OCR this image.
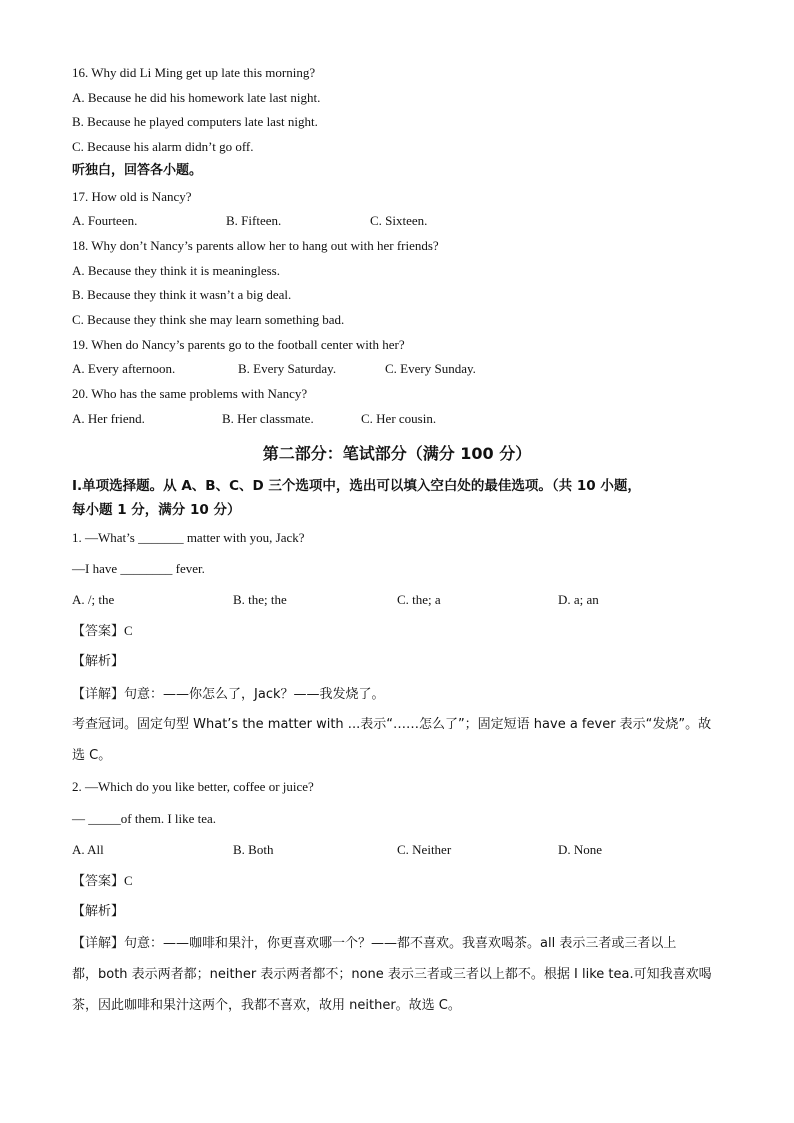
16. Why did Li Ming get up late this morning?
A. Because he did his homework late last night.
B. Because he played computers late last night.
C. Because his alarm didn’t go off.
听独白，回答各小题。
17. How old is Nancy?
A. Fourteen.	B. Fifteen.	C. Sixteen.
18. Why don’t Nancy’s parents allow her to hang out with her friends?
A. Because they think it is meaningless.
B. Because they think it wasn’t a big deal.
C. Because they think she may learn something bad.
19. When do Nancy’s parents go to the football center with her?
A. Every afternoon.	B. Every Saturday.	C. Every Sunday.
20. Who has the same problems with Nancy?
A. Her friend.	B. Her classmate.	C. Her cousin.
第二部分：笔试部分（满分 100 分）
I.单项选择题。从 A、B、C、D 三个选项中，选出可以填入空白处的最佳选项。（共 10 小题，
每小题 1 分，满分 10 分）
1. —What’s _______ matter with you, Jack?
—I have ________ fever.
A. /; the	B. the; the	C. the; a	D. a; an
【答案】C
【解析】
【详解】句意：——你怎么了，Jack？——我发烧了。
考查冠词。固定句型 What’s the matter with ...表示“……怎么了”；固定短语 have a fever 表示“发烧”。故
选 C。
2. —Which do you like better, coffee or juice?
— _____of them. I like tea.
A. All	B. Both	C. Neither	D. None
【答案】C
【解析】
【详解】句意：——咖啡和果汁，你更喜欢哪一个？——都不喜欢。我喜欢喝茶。all 表示三者或三者以上
都，both 表示两者都；neither 表示两者都不；none 表示三者或三者以上都不。根据 I like tea.可知我喜欢喝
茶，因此咖啡和果汁这两个，我都不喜欢，故用 neither。故选 C。
